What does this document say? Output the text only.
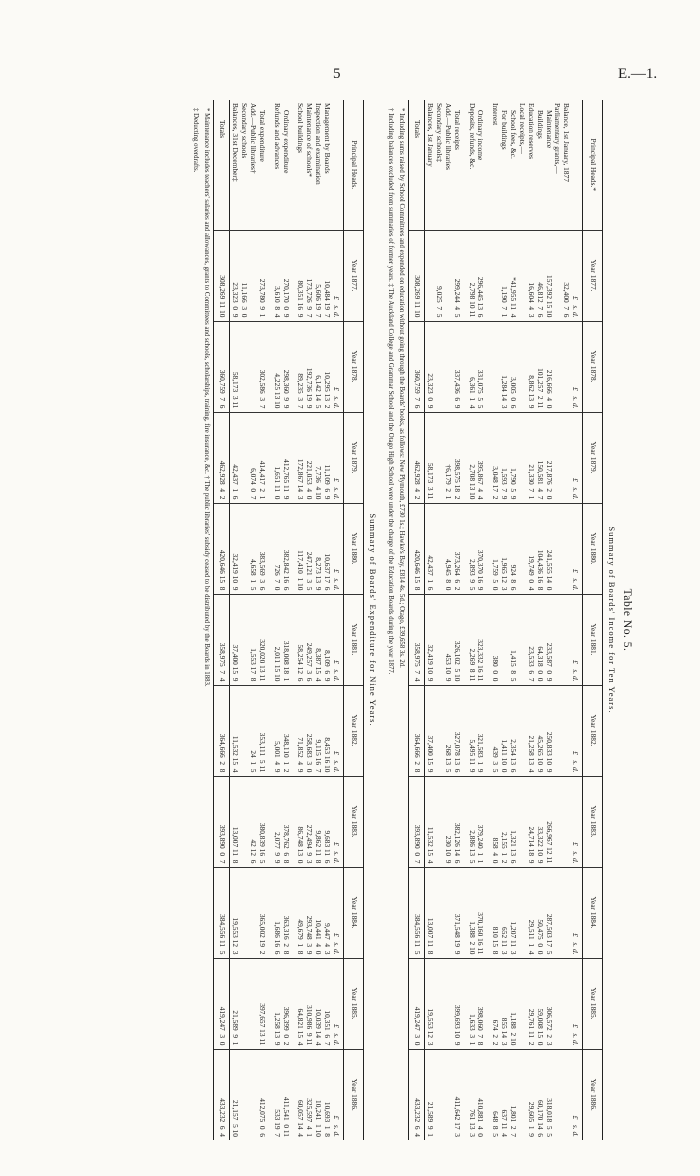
5	E.—1.
Table No. 5.
Summary of Boards' Income for Ten Years.
Principal Heads.*	Year 1877.	Year 1878.	Year 1879.	Year 1880.	Year 1881.	Year 1882.	Year 1883.	Year 1884.	Year 1885.	Year 1886.
	£   s. d.	£   s. d.	£   s. d.	£   s. d.	£   s. d.	£   s. d.	£   s. d.	£   s. d.	£   s. d.	£   s. d.
Balance, 1st January, 1877	32,400  7  6									
Parliamentary grants,—										
Maintenance	157,392 15 10	216,666  4  0	217,876  2  0	241,555 14  0	233,587  0  9	250,833 10  9	266,967 12 11	287,503 17  5	306,572  2  3	318,018  5  5
Buildings	46,812  7  6	101,257  2 11	150,581  4  7	104,436 16  8	64,318  0  0	45,265 10  9	33,322 10  9	50,475  0  0	59,008 15  0	60,170 14  6
Education reserves	16,604  4  3	8,862 13  9	21,330  7  1	19,749  0  4	23,533  6  7	21,258 13  4	24,714 18  9	29,511  1  4	29,761 11  2	29,605  1  9
Local receipts,—										
School fees, &c.	*41,955 11  4	3,005  0  6	1,790  5  9	924  8  6	1,415  8  5	2,354 13  6	1,321 13  6	1,207 11  3	1,188  2 10	1,801  2  7
For buildings	1,190  7  1	1,284 14  3	1,593  7  9	1,965 12  3		1,411 10  0	2,155  1  2	652 11  3	855 14  3	637 11  4
Interest			3,048 17  2	1,759  5  0	380  0  0	439  3  5	858  4  0	810 15  8	674  2  2	648  8  5

Ordinary income	296,445 13  6	331,075  5  5	395,867  4  4	370,370 16  9	323,332 16 11	321,583  1  9	379,240  1  1	370,160 16 11	398,060  7  8	410,881  4  0
Deposits, refunds, &c.	2,798 10 11	6,361  1  4	2,708 13 10	2,893  9  5	2,269  8 11	5,495 11  9	2,886 13  5	1,388  2 10	1,633  3  1	761 13  3

Total receipts	299,244  4  5	337,436  6  9	398,575 18  2	373,264  6  2	326,102  5 10	327,078 13  6	382,126 14  6	371,548 19  9	399,693 10  9	411,642 17  3
Add.—Public libraries			†6,179  2  1	4,945  8  0	453 10  9	268 13  5	230 10  9			
Secondary schools‡	9,025  7  5									
Balances, 1st January		23,323  0  9	58,173  3 11	42,437  1  6	32,419 10  9	37,400 15  9	11,532 15  4	13,007 11  8	19,553 12  3	21,589  9  1
Totals	308,269 11 10	360,759  7  6	462,928  4  2	420,646 15  8	358,975  7  4	364,666  2  8	393,890  0  7	384,556 11  5	419,247  3  0	433,232  6  4

* Including sums raised by School Committees and expended on education without going through the Boards' books, as follows: New Plymouth, £730 1s.; Hawke's Bay, £814 4s. 5d.; Otago, £39,658 3s. 2d.

† Including balances excluded from summaries of former years. ‡ The Auckland College and Grammar School and the Otago High School were under the charge of the Education Boards during the year 1877.

Summary of Boards' Expenditure for Nine Years.
Principal Heads.	Year 1877.	Year 1878.	Year 1879.	Year 1880.	Year 1881.	Year 1882.	Year 1883.	Year 1884.	Year 1885.	Year 1886.
	£   s. d.	£   s. d.	£   s. d.	£   s. d.	£   s. d.	£   s. d.	£   s. d.	£   s. d.	£   s. d.	£   s. d.
Management by Boards	10,484 19  7	10,295 13  2	11,109  6  9	10,637 17  6	8,109  6  9	8,453 16 10	9,683 11  6	9,447  4  3	10,351  6  7	10,693  1  8
Inspection and examination	5,606 19  7	6,142 14  5	7,736  4 10	8,273 13  9	8,387 15  4	9,115 16  7	9,862 11  8	10,441  4  0	10,039 14  4	10,241  1 10
Maintenance of schools*	173,726  9  7	192,736 19  9	221,053  4  0	247,121  3  5	249,257  3  6	258,683  3  0	272,494  9  3	293,748  3  9	310,986  9 11	325,597  4  1
School buildings	80,351 16  9	89,235  3  7	172,867 14  3	117,410  1 10	58,254 12  6	71,852  4  9	86,748 13  0	49,679  1  8	64,821 15  4	60,057 14  4

Ordinary expenditure	270,170  0  9	298,360  9  9	412,765 11  9	382,842 16  6	318,008 18  1	348,110  1  2	378,762  6  8	363,316  2  8	396,399  0  2	411,541  0 11
Refunds and advances	3,610  8  4	4,225 13 10	1,651 11  0	726  7  0	2,011 15 10	5,001  4  9	2,077  9  9	1,686 16  6	1,258 13  9	533 19  7

Total expenditure	273,780  9  1	302,586  3  7	414,417  2  1	383,569  3  6	320,020 13 11	353,111  5 11	380,839 16  5	365,002 19  2	397,657 13 11	412,075  0  6
Add.—Public libraries†			6,074  0  7	4,658  1  5	1,553 17  8	24  1  5	42 12  6			
Secondary schools	11,166  3  0									
Balances, 31st December‡	23,323  0  9	58,173  3 11	42,437  1  6	32,419 10  9	37,400 15  9	11,532 15  4	13,007 11  8	19,553 12  3	21,589  9  1	21,157  5 10
Totals	308,269 11 10	360,759  7  6	462,928  4  2	420,646 15  8	358,975  7  4	364,666  2  8	393,890  0  7	384,556 11  5	419,247  3  0	433,232  6  4

* Maintenance includes teachers' salaries and allowances, grants to Committees and schools, scholarships, training, fire insurance, &c. † The public libraries' subsidy ceased to be distributed by the Boards in 1883.

‡ Deducting overdrafts.
